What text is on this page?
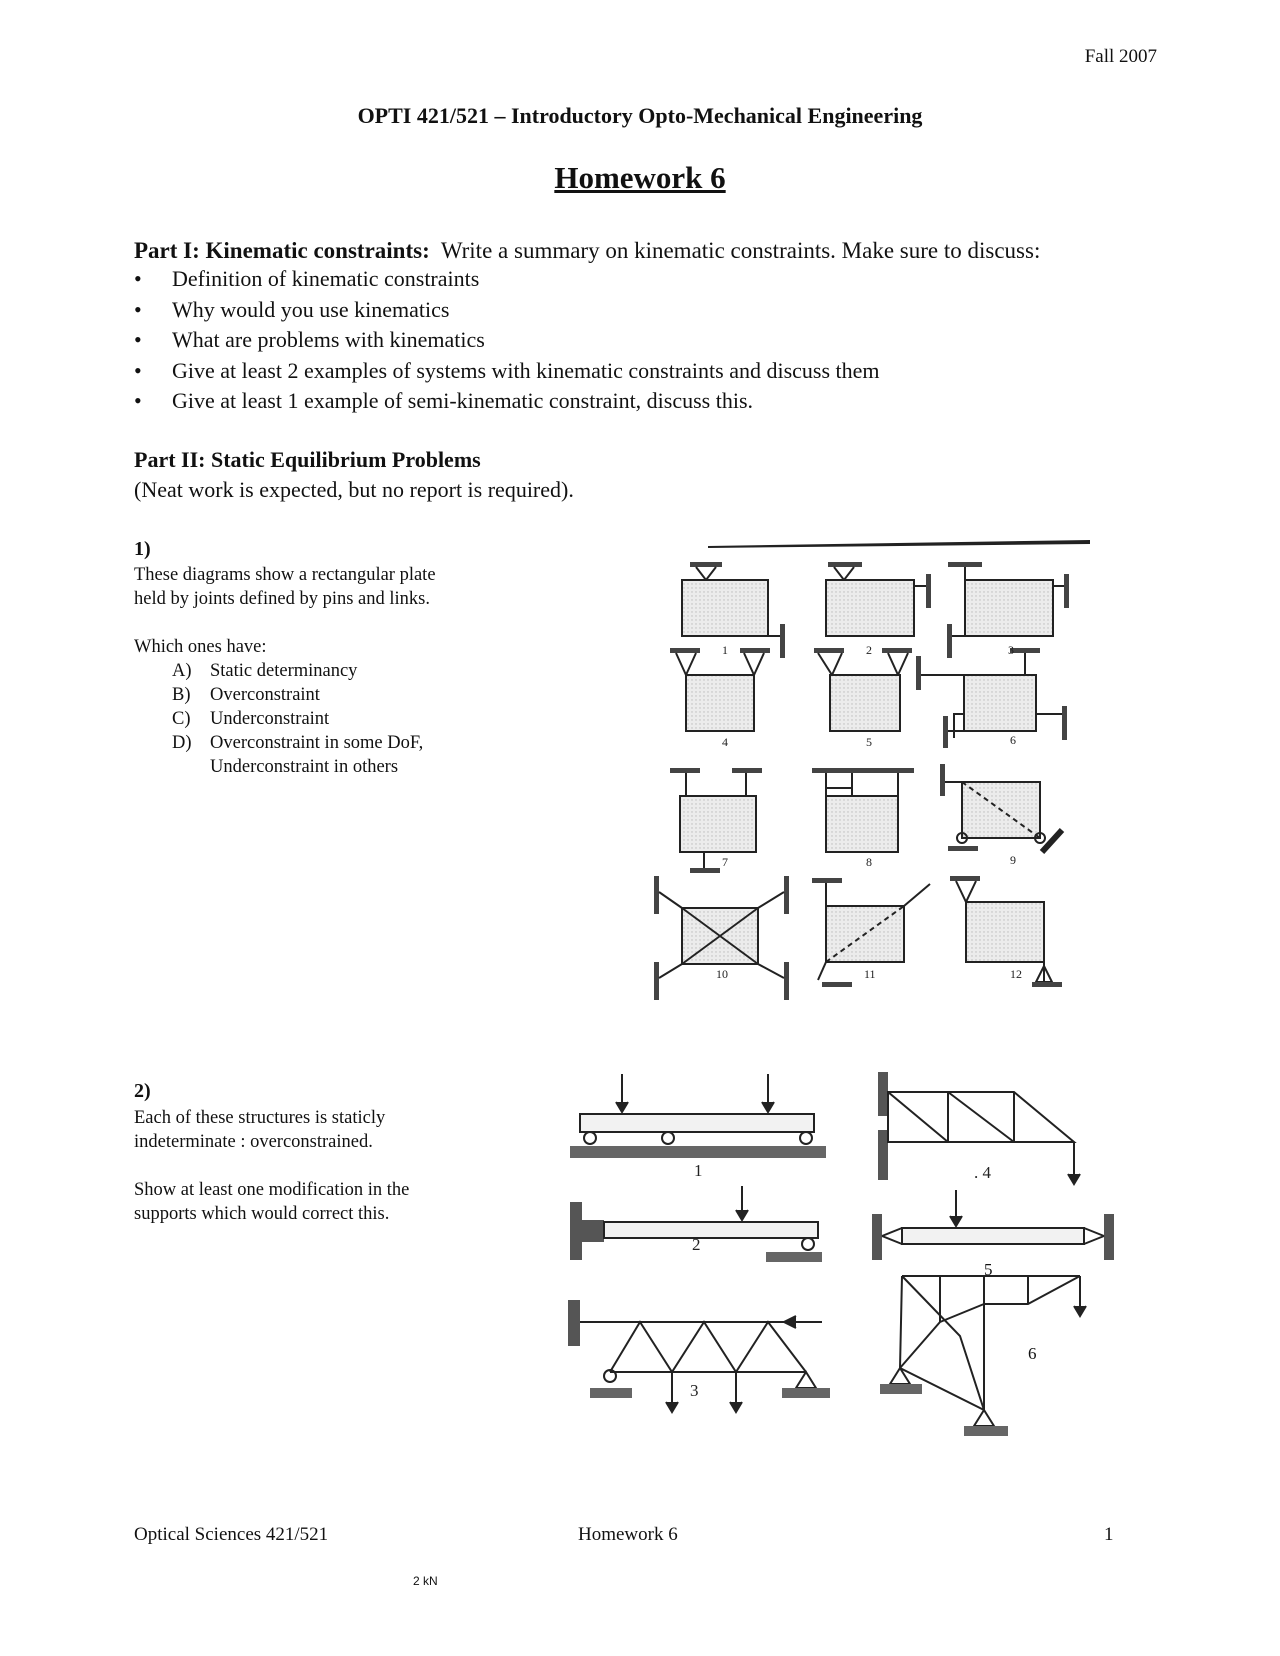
Fall 2007
OPTI 421/521 – Introductory Opto-Mechanical Engineering
Homework 6
Part I: Kinematic constraints: Write a summary on kinematic constraints. Make sure to discuss:
• Definition of kinematic constraints
• Why would you use kinematics
• What are problems with kinematics
• Give at least 2 examples of systems with kinematic constraints and discuss them
• Give at least 1 example of semi-kinematic constraint, discuss this.
Part II: Static Equilibrium Problems
(Neat work is expected, but no report is required).
1)
These diagrams show a rectangular plate
held by joints defined by pins and links.
Which ones have:
A) Static determinancy
B) Overconstraint
C) Underconstraint
D) Overconstraint in some DoF,
Underconstraint in others
1	2	3
4	5	6
7	8	9
10	11	12
2)
Each of these structures is staticly
indeterminate : overconstrained.
Show at least one modification in the
supports which would correct this.
1
2
3
. 4
5
6
Optical Sciences 421/521	Homework 6	1
2 kN
